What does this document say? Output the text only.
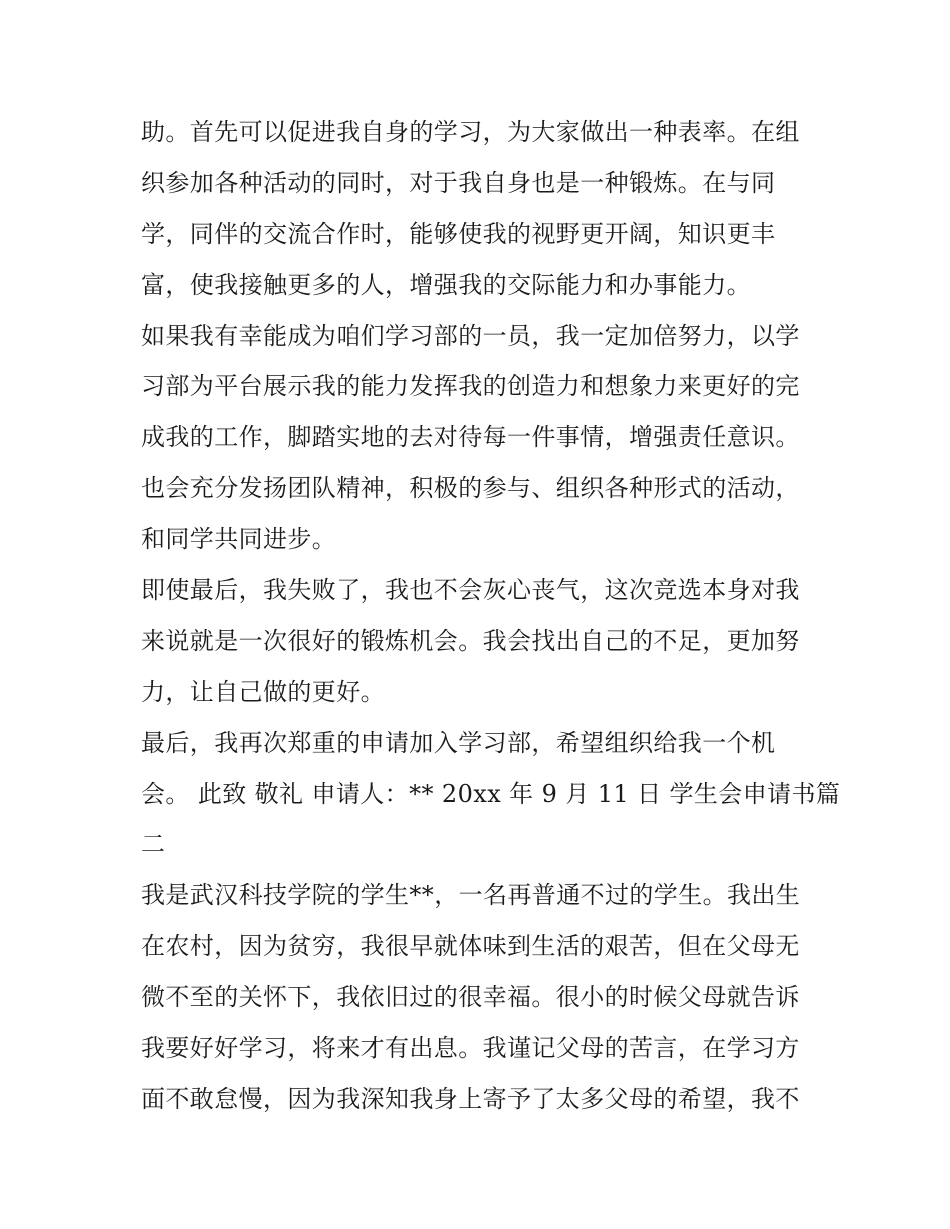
助。首先可以促进我自身的学习，为大家做出一种表率。在组
织参加各种活动的同时，对于我自身也是一种锻炼。在与同
学，同伴的交流合作时，能够使我的视野更开阔，知识更丰
富，使我接触更多的人，增强我的交际能力和办事能力。
如果我有幸能成为咱们学习部的一员，我一定加倍努力，以学
习部为平台展示我的能力发挥我的创造力和想象力来更好的完
成我的工作，脚踏实地的去对待每一件事情，增强责任意识。
也会充分发扬团队精神，积极的参与、组织各种形式的活动，
和同学共同进步。
即使最后，我失败了，我也不会灰心丧气，这次竞选本身对我
来说就是一次很好的锻炼机会。我会找出自己的不足，更加努
力，让自己做的更好。
最后，我再次郑重的申请加入学习部，希望组织给我一个机
会。 此致 敬礼 申请人：** 20xx 年 9 月 11 日 学生会申请书篇
二
我是武汉科技学院的学生**，一名再普通不过的学生。我出生
在农村，因为贫穷，我很早就体味到生活的艰苦，但在父母无
微不至的关怀下，我依旧过的很幸福。很小的时候父母就告诉
我要好好学习，将来才有出息。我谨记父母的苦言，在学习方
面不敢怠慢，因为我深知我身上寄予了太多父母的希望，我不
